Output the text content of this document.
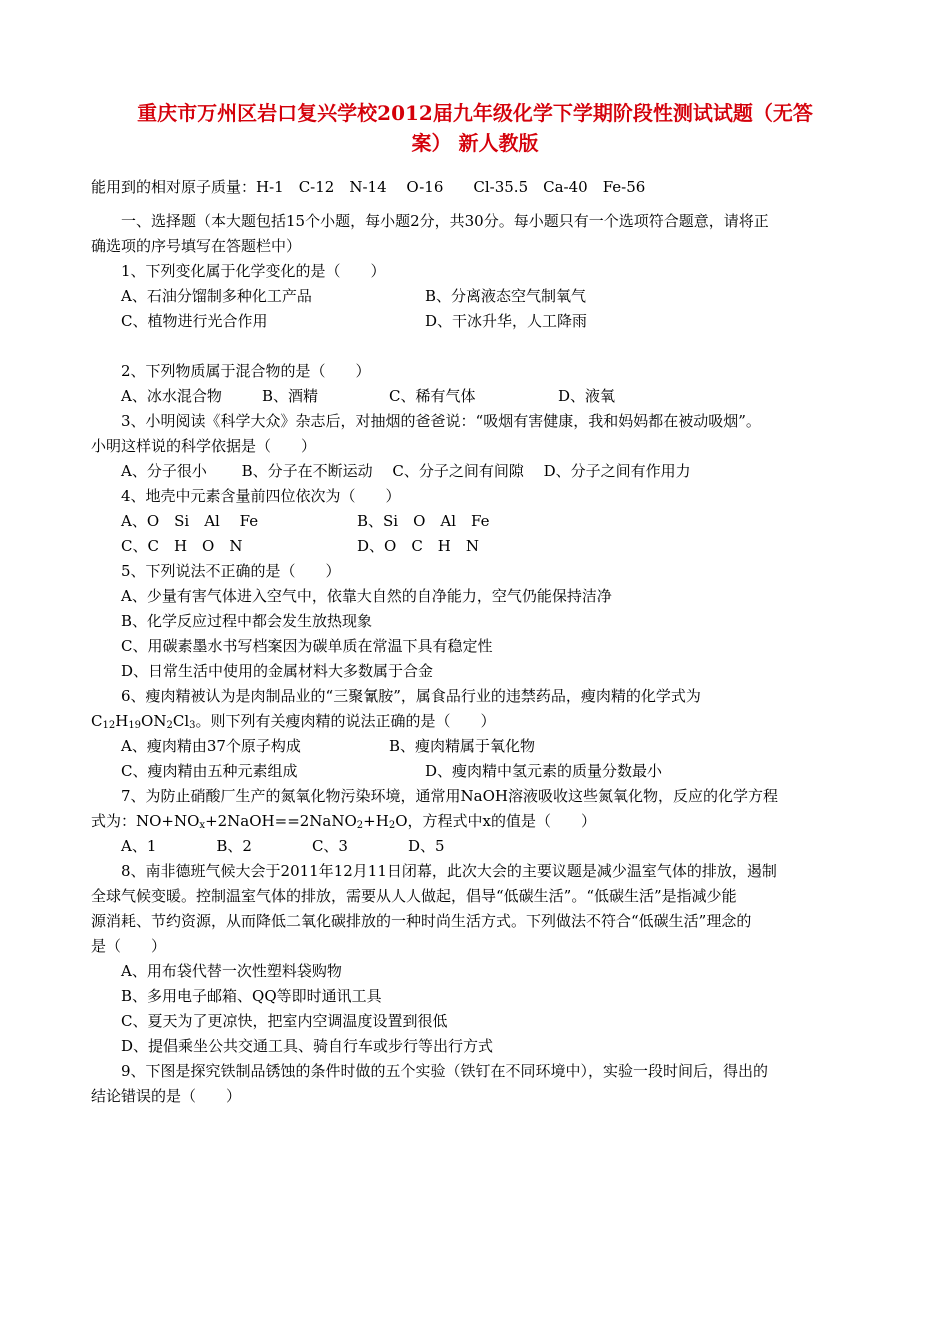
重庆市万州区岩口复兴学校2012届九年级化学下学期阶段性测试试题（无答
案） 新人教版
能用到的相对原子质量：H-1　C-12　N-14　 O-16　　Cl-35.5　Ca-40　Fe-56
一、选择题（本大题包括15个小题，每小题2分，共30分。每小题只有一个选项符合题意，请将正
确选项的序号填写在答题栏中）
1、下列变化属于化学变化的是（　　）
A、石油分馏制多种化工产品	B、分离液态空气制氧气
C、植物进行光合作用	D、干冰升华，人工降雨
2、下列物质属于混合物的是（　　）
A、冰水混合物	B、酒精	C、稀有气体	D、液氧
3、小明阅读《科学大众》杂志后，对抽烟的爸爸说：“吸烟有害健康，我和妈妈都在被动吸烟”。
小明这样说的科学依据是（　　）
A、分子很小　　 B、分子在不断运动　 C、分子之间有间隙　 D、分子之间有作用力
4、地壳中元素含量前四位依次为（　　）
A、O　Si　Al　 Fe	B、Si　O　Al　Fe
C、C　H　O　N	D、O　C　H　N
5、下列说法不正确的是（　　）
A、少量有害气体进入空气中，依靠大自然的自净能力，空气仍能保持洁净
B、化学反应过程中都会发生放热现象
C、用碳素墨水书写档案因为碳单质在常温下具有稳定性
D、日常生活中使用的金属材料大多数属于合金
6、瘦肉精被认为是肉制品业的“三聚氰胺”，属食品行业的违禁药品，瘦肉精的化学式为
$C_{12}H_{19}ON_2Cl_3$。则下列有关瘦肉精的说法正确的是（　　）
A、瘦肉精由37个原子构成	B、瘦肉精属于氧化物
C、瘦肉精由五种元素组成	D、瘦肉精中氢元素的质量分数最小
7、为防止硝酸厂生产的氮氧化物污染环境，通常用NaOH溶液吸收这些氮氧化物，反应的化学方程
式为：$NO+NO_x+2NaOH==2NaNO_2+H_2O$，方程式中x的值是（　　）
A、1　　　　B、2　　　　C、3　　　　D、5
8、南非德班气候大会于2011年12月11日闭幕，此次大会的主要议题是减少温室气体的排放，遏制
全球气候变暖。控制温室气体的排放，需要从人人做起，倡导“低碳生活”。“低碳生活”是指减少能
源消耗、节约资源，从而降低二氧化碳排放的一种时尚生活方式。下列做法不符合“低碳生活”理念的
是（　　）
A、用布袋代替一次性塑料袋购物
B、多用电子邮箱、QQ等即时通讯工具
C、夏天为了更凉快，把室内空调温度设置到很低
D、提倡乘坐公共交通工具、骑自行车或步行等出行方式
9、下图是探究铁制品锈蚀的条件时做的五个实验（铁钉在不同环境中），实验一段时间后，得出的
结论错误的是（　　）
